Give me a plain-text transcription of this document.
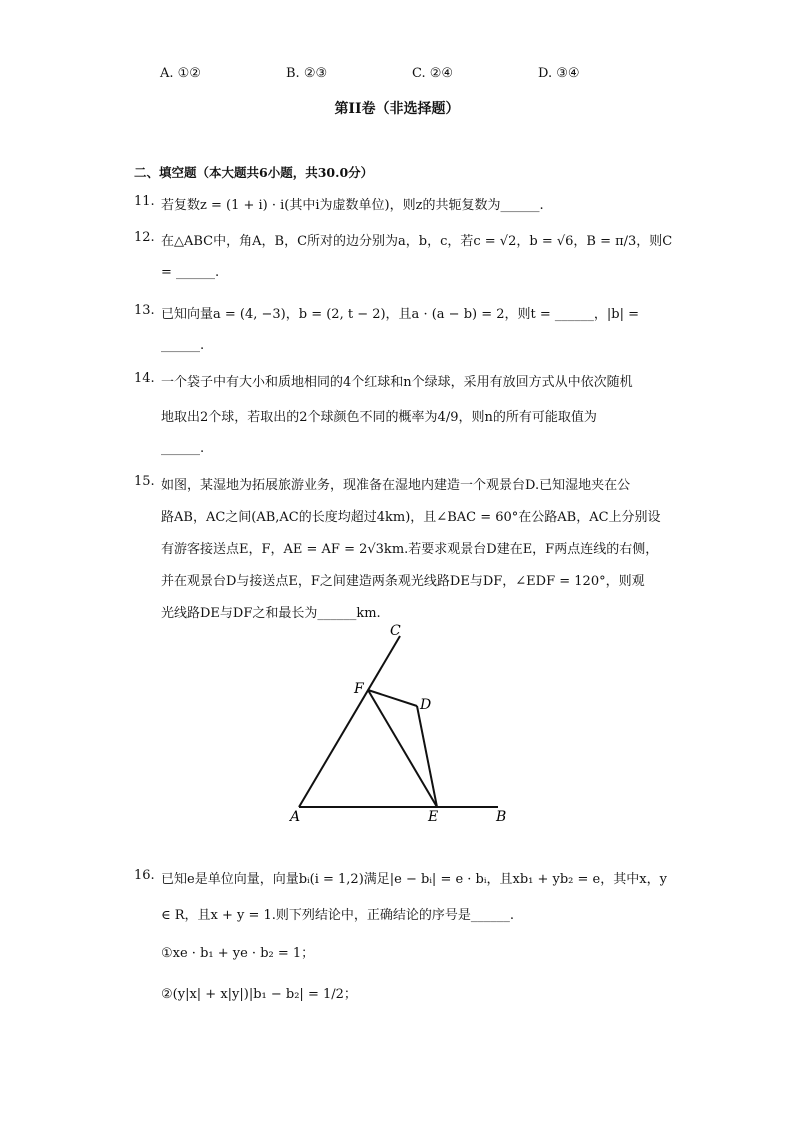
A. ①②	B. ②③	C. ②④	D. ③④
第II卷（非选择题）
二、填空题（本大题共6小题，共30.0分）
11. 若复数z = (1 + i) · i(其中i为虚数单位)，则z的共轭复数为______.
12. 在△ABC中，角A，B，C所对的边分别为a，b，c，若c = √2，b = √6，B = π/3，则C
= ______.
13. 已知向量a = (4, −3)，b = (2, t − 2)，且a · (a − b) = 2，则t = ______，|b| =
______.
14. 一个袋子中有大小和质地相同的4个红球和n个绿球，采用有放回方式从中依次随机
地取出2个球，若取出的2个球颜色不同的概率为4/9，则n的所有可能取值为
______.
15. 如图，某湿地为拓展旅游业务，现准备在湿地内建造一个观景台D.已知湿地夹在公
路AB，AC之间(AB,AC的长度均超过4km)，且∠BAC = 60°在公路AB，AC上分别设
有游客接送点E，F，AE = AF = 2√3km.若要求观景台D建在E，F两点连线的右侧，
并在观景台D与接送点E，F之间建造两条观光线路DE与DF，∠EDF = 120°，则观
光线路DE与DF之和最长为______km.
A	E	B
C
F
D
16. 已知e是单位向量，向量bᵢ(i = 1,2)满足|e − bᵢ| = e · bᵢ，且xb₁ + yb₂ = e，其中x，y
∈ R，且x + y = 1.则下列结论中，正确结论的序号是______.
①xe · b₁ + ye · b₂ = 1；
②(y|x| + x|y|)|b₁ − b₂| = 1/2；
